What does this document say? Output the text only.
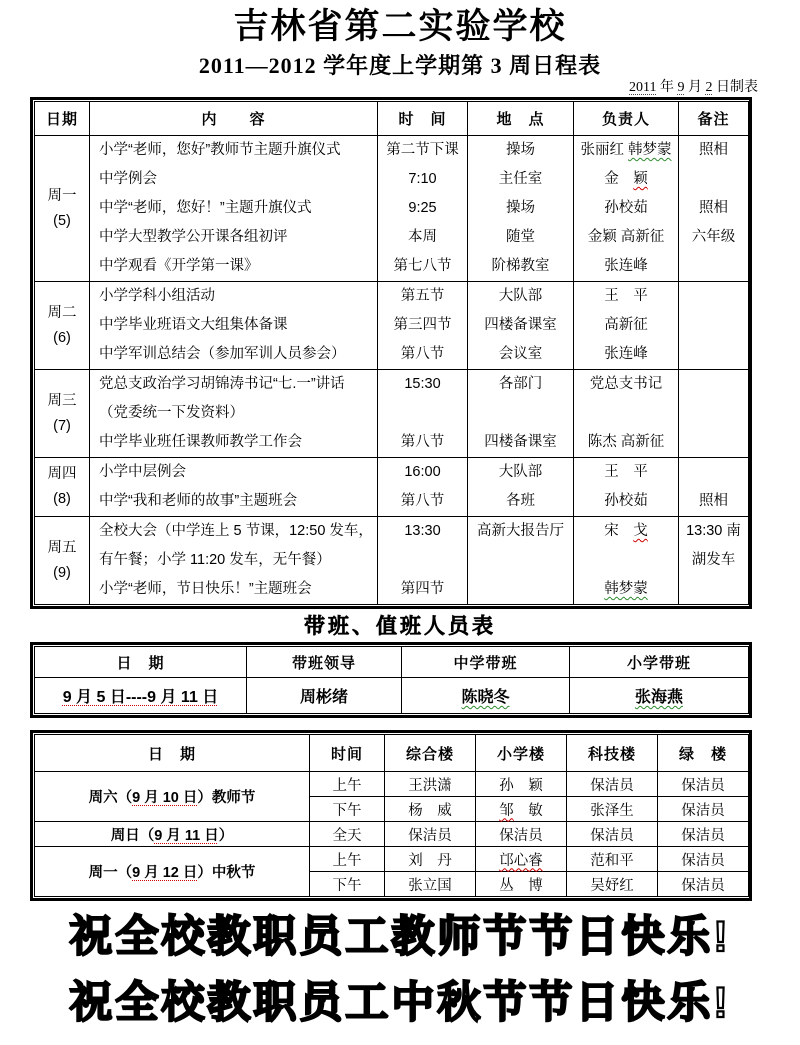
吉林省第二实验学校
2011—2012 学年度上学期第 3 周日程表
2011 年 9 月 2 日制表
日期	内　　容	时　间	地　点	负责人	备注

周一
(5)	小学“老师，您好”教师节主题升旗仪式	第二节下课	操场	张丽红 韩梦蒙	照相
	中学例会	7:10	主任室	金　颖	
	中学“老师，您好！”主题升旗仪式	9:25	操场	孙校茹	照相
	中学大型教学公开课各组初评	本周	随堂	金颖 高新征	六年级
	中学观看《开学第一课》	第七八节	阶梯教室	张连峰	

周二
(6)	小学学科小组活动	第五节	大队部	王　平	
	中学毕业班语文大组集体备课	第三四节	四楼备课室	高新征	
	中学军训总结会（参加军训人员参会）	第八节	会议室	张连峰	

周三
(7)	党总支政治学习胡锦涛书记“七.一”讲话（党委统一下发资料）	15:30	各部门	党总支书记	
	中学毕业班任课教师教学工作会	第八节	四楼备课室	陈杰 高新征	

周四
(8)	小学中层例会	16:00	大队部	王　平	
	中学“我和老师的故事”主题班会	第八节	各班	孙校茹	照相

周五
(9)	全校大会（中学连上 5 节课，12:50 发车，有午餐；小学 11:20 发车，无午餐）	13:30	高新大报告厅	宋　戈	13:30 南湖发车
	小学“老师，节日快乐！”主题班会	第四节		韩梦蒙	
带班、值班人员表
日　期	带班领导	中学带班	小学带班
9 月 5 日----9 月 11 日	周彬绪	陈晓冬	张海燕
日　期	时间	综合楼	小学楼	科技楼	绿　楼
周六（9 月 10 日）教师节	上午	王洪潇	孙　颖	保洁员	保洁员
	下午	杨　威	邹　敏	张泽生	保洁员
周日（9 月 11 日）	全天	保洁员	保洁员	保洁员	保洁员
周一（9 月 12 日）中秋节	上午	刘　丹	邙心睿	范和平	保洁员
	下午	张立国	丛　博	吴妤红	保洁员
祝全校教职员工教师节节日快乐!
祝全校教职员工中秋节节日快乐!
